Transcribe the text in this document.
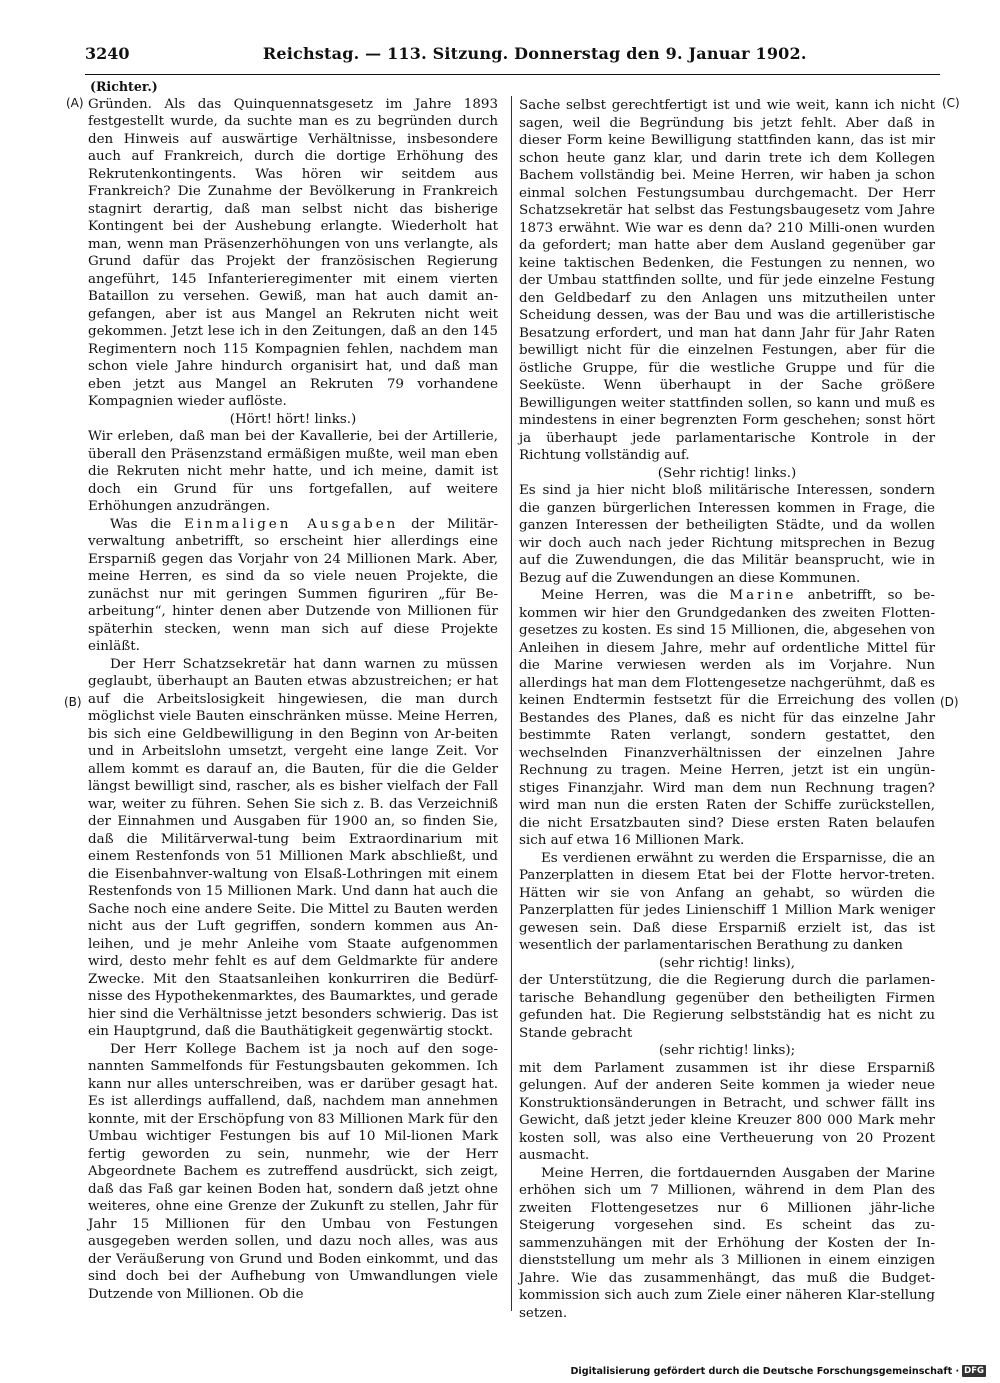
3240	Reichstag. — 113. Sitzung. Donnerstag den 9. Januar 1902.
(A)
(B)
(C)
(D)

(Richter.)

Gründen. Als das Quinquennatsgesetz im Jahre 1893 festgestellt wurde, da suchte man es zu begründen durch den Hinweis auf auswärtige Verhältnisse, insbesondere auch auf Frankreich, durch die dortige Erhöhung des Rekrutenkontingents. Was hören wir seitdem aus Frankreich? Die Zunahme der Bevölkerung in Frankreich stagnirt derartig, daß man selbst nicht das bisherige Kontingent bei der Aushebung erlangte. Wiederholt hat man, wenn man Präsenzerhöhungen von uns verlangte, als Grund dafür das Projekt der französischen Regierung angeführt, 145 Infanterieregimenter mit einem vierten Bataillon zu versehen. Gewiß, man hat auch damit an-gefangen, aber ist aus Mangel an Rekruten nicht weit gekommen. Jetzt lese ich in den Zeitungen, daß an den 145 Regimentern noch 115 Kompagnien fehlen, nachdem man schon viele Jahre hindurch organisirt hat, und daß man eben jetzt aus Mangel an Rekruten 79 vorhandene Kompagnien wieder auflöste.

(Hört! hört! links.)

Wir erleben, daß man bei der Kavallerie, bei der Artillerie, überall den Präsenzstand ermäßigen mußte, weil man eben die Rekruten nicht mehr hatte, und ich meine, damit ist doch ein Grund für uns fortgefallen, auf weitere Erhöhungen anzudrängen.

Was die Einmaligen Ausgaben der Militär-verwaltung anbetrifft, so erscheint hier allerdings eine Ersparniß gegen das Vorjahr von 24 Millionen Mark. Aber, meine Herren, es sind da so viele neuen Projekte, die zunächst nur mit geringen Summen figuriren „für Be-arbeitung“, hinter denen aber Dutzende von Millionen für späterhin stecken, wenn man sich auf diese Projekte einläßt.

Der Herr Schatzsekretär hat dann warnen zu müssen geglaubt, überhaupt an Bauten etwas abzustreichen; er hat auf die Arbeitslosigkeit hingewiesen, die man durch möglichst viele Bauten einschränken müsse. Meine Herren, bis sich eine Geldbewilligung in den Beginn von Ar-beiten und in Arbeitslohn umsetzt, vergeht eine lange Zeit. Vor allem kommt es darauf an, die Bauten, für die die Gelder längst bewilligt sind, rascher, als es bisher vielfach der Fall war, weiter zu führen. Sehen Sie sich z. B. das Verzeichniß der Einnahmen und Ausgaben für 1900 an, so finden Sie, daß die Militärverwal-tung beim Extraordinarium mit einem Restenfonds von 51 Millionen Mark abschließt, und die Eisenbahnver-waltung von Elsaß-Lothringen mit einem Restenfonds von 15 Millionen Mark. Und dann hat auch die Sache noch eine andere Seite. Die Mittel zu Bauten werden nicht aus der Luft gegriffen, sondern kommen aus An-leihen, und je mehr Anleihe vom Staate aufgenommen wird, desto mehr fehlt es auf dem Geldmarkte für andere Zwecke. Mit den Staatsanleihen konkurriren die Bedürf-nisse des Hypothekenmarktes, des Baumarktes, und gerade hier sind die Verhältnisse jetzt besonders schwierig. Das ist ein Hauptgrund, daß die Bauthätigkeit gegenwärtig stockt.

Der Herr Kollege Bachem ist ja noch auf den soge-nannten Sammelfonds für Festungsbauten gekommen. Ich kann nur alles unterschreiben, was er darüber gesagt hat. Es ist allerdings auffallend, daß, nachdem man annehmen konnte, mit der Erschöpfung von 83 Millionen Mark für den Umbau wichtiger Festungen bis auf 10 Mil-lionen Mark fertig geworden zu sein, nunmehr, wie der Herr Abgeordnete Bachem es zutreffend ausdrückt, sich zeigt, daß das Faß gar keinen Boden hat, sondern daß jetzt ohne weiteres, ohne eine Grenze der Zukunft zu stellen, Jahr für Jahr 15 Millionen für den Umbau von Festungen ausgegeben werden sollen, und dazu noch alles, was aus der Veräußerung von Grund und Boden einkommt, und das sind doch bei der Aufhebung von Umwandlungen viele Dutzende von Millionen. Ob die

Sache selbst gerechtfertigt ist und wie weit, kann ich nicht sagen, weil die Begründung bis jetzt fehlt. Aber daß in dieser Form keine Bewilligung stattfinden kann, das ist mir schon heute ganz klar, und darin trete ich dem Kollegen Bachem vollständig bei. Meine Herren, wir haben ja schon einmal solchen Festungsumbau durchgemacht. Der Herr Schatzsekretär hat selbst das Festungsbaugesetz vom Jahre 1873 erwähnt. Wie war es denn da? 210 Milli-onen wurden da gefordert; man hatte aber dem Ausland gegenüber gar keine taktischen Bedenken, die Festungen zu nennen, wo der Umbau stattfinden sollte, und für jede einzelne Festung den Geldbedarf zu den Anlagen uns mitzutheilen unter Scheidung dessen, was der Bau und was die artilleristische Besatzung erfordert, und man hat dann Jahr für Jahr Raten bewilligt nicht für die einzelnen Festungen, aber für die östliche Gruppe, für die westliche Gruppe und für die Seeküste. Wenn überhaupt in der Sache größere Bewilligungen weiter stattfinden sollen, so kann und muß es mindestens in einer begrenzten Form geschehen; sonst hört ja überhaupt jede parlamentarische Kontrole in der Richtung vollständig auf.

(Sehr richtig! links.)

Es sind ja hier nicht bloß militärische Interessen, sondern die ganzen bürgerlichen Interessen kommen in Frage, die ganzen Interessen der betheiligten Städte, und da wollen wir doch auch nach jeder Richtung mitsprechen in Bezug auf die Zuwendungen, die das Militär beansprucht, wie in Bezug auf die Zuwendungen an diese Kommunen.

Meine Herren, was die Marine anbetrifft, so be-kommen wir hier den Grundgedanken des zweiten Flotten-gesetzes zu kosten. Es sind 15 Millionen, die, abgesehen von Anleihen in diesem Jahre, mehr auf ordentliche Mittel für die Marine verwiesen werden als im Vorjahre. Nun allerdings hat man dem Flottengesetze nachgerühmt, daß es keinen Endtermin festsetzt für die Erreichung des vollen Bestandes des Planes, daß es nicht für das einzelne Jahr bestimmte Raten verlangt, sondern gestattet, den wechselnden Finanzverhältnissen der einzelnen Jahre Rechnung zu tragen. Meine Herren, jetzt ist ein ungün-stiges Finanzjahr. Wird man dem nun Rechnung tragen? wird man nun die ersten Raten der Schiffe zurückstellen, die nicht Ersatzbauten sind? Diese ersten Raten belaufen sich auf etwa 16 Millionen Mark.

Es verdienen erwähnt zu werden die Ersparnisse, die an Panzerplatten in diesem Etat bei der Flotte hervor-treten. Hätten wir sie von Anfang an gehabt, so würden die Panzerplatten für jedes Linienschiff 1 Million Mark weniger gewesen sein. Daß diese Ersparniß erzielt ist, das ist wesentlich der parlamentarischen Berathung zu danken

(sehr richtig! links),

der Unterstützung, die die Regierung durch die parlamen-tarische Behandlung gegenüber den betheiligten Firmen gefunden hat. Die Regierung selbstständig hat es nicht zu Stande gebracht

(sehr richtig! links);

mit dem Parlament zusammen ist ihr diese Ersparniß gelungen. Auf der anderen Seite kommen ja wieder neue Konstruktionsänderungen in Betracht, und schwer fällt ins Gewicht, daß jetzt jeder kleine Kreuzer 800 000 Mark mehr kosten soll, was also eine Vertheuerung von 20 Prozent ausmacht.

Meine Herren, die fortdauernden Ausgaben der Marine erhöhen sich um 7 Millionen, während in dem Plan des zweiten Flottengesetzes nur 6 Millionen jähr-liche Steigerung vorgesehen sind. Es scheint das zu-sammenzuhängen mit der Erhöhung der Kosten der In-dienststellung um mehr als 3 Millionen in einem einzigen Jahre. Wie das zusammenhängt, das muß die Budget-kommission sich auch zum Ziele einer näheren Klar-stellung setzen.

Digitalisierung gefördert durch die Deutsche Forschungsgemeinschaft · DFG
